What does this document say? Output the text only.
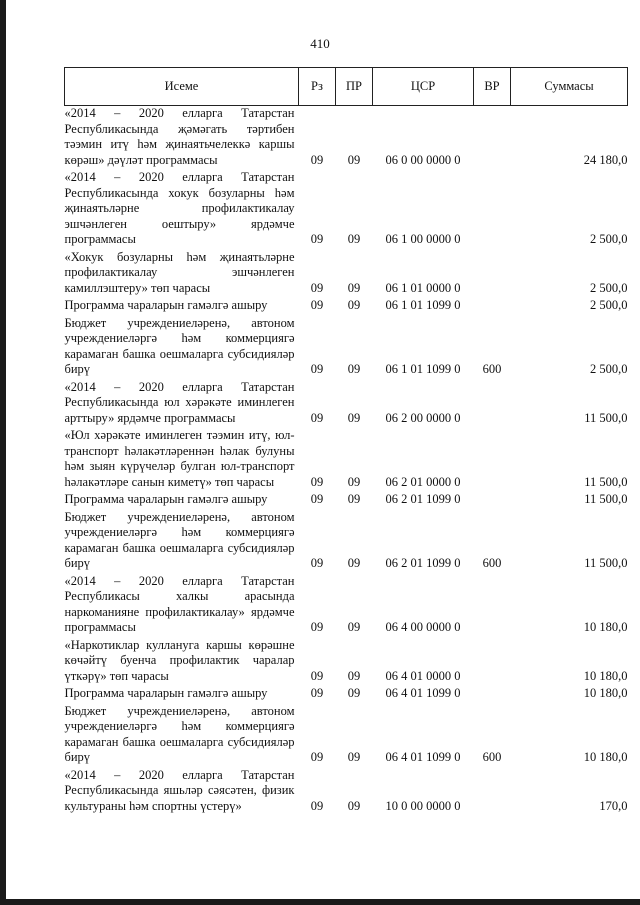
410
Исеме	Рз	ПР	ЦСР	ВР	Суммасы
«2014 – 2020 елларга Татарстан Республикасында җәмәгать тәртибен тәэмин итү һәм җинаятьчелеккә каршы көрәш» дәүләт программасы	09	09	06 0 00 0000 0		24 180,0
«2014 – 2020 елларга Татарстан Республикасында хокук бозуларны һәм җинаятьләрне профилактикалау эшчәнлеген оештыру» ярдәмче программасы	09	09	06 1 00 0000 0		2 500,0
«Хокук бозуларны һәм җинаятьләрне профилактикалау эшчәнлеген камиллэштеру» төп чарасы	09	09	06 1 01 0000 0		2 500,0
Программа чараларын гамәлгә ашыру	09	09	06 1 01 1099 0		2 500,0
Бюджет учреждениеләренә, автоном учреждениеләргә һәм коммерциягә карамаган башка оешмаларга субсидияләр бирү	09	09	06 1 01 1099 0	600	2 500,0
«2014 – 2020 елларга Татарстан Республикасында юл хәрәкәте иминлеген арттыру» ярдәмче программасы	09	09	06 2 00 0000 0		11 500,0
«Юл хәрәкәте иминлеген тәэмин итү, юл-транспорт һәлакәтләреннән һәлак булуны һәм зыян күрүчеләр булган юл-транспорт һәлакәтләре санын киметү» төп чарасы	09	09	06 2 01 0000 0		11 500,0
Программа чараларын гамәлгә ашыру	09	09	06 2 01 1099 0		11 500,0
Бюджет учреждениеләренә, автоном учреждениеләргә һәм коммерциягә карамаган башка оешмаларга субсидияләр бирү	09	09	06 2 01 1099 0	600	11 500,0
«2014 – 2020 елларга Татарстан Республикасы халкы арасында наркоманияне профилактикалау» ярдәмче программасы	09	09	06 4 00 0000 0		10 180,0
«Наркотиклар куллануга каршы көрәшне көчәйтү буенча профилактик чаралар үткәрү» төп чарасы	09	09	06 4 01 0000 0		10 180,0
Программа чараларын гамәлгә ашыру	09	09	06 4 01 1099 0		10 180,0
Бюджет учреждениеләренә, автоном учреждениеләргә һәм коммерциягә карамаган башка оешмаларга субсидияләр бирү	09	09	06 4 01 1099 0	600	10 180,0
«2014 – 2020 елларга Татарстан Республикасында яшьләр сәясәтен, физик культураны һәм спортны үстерү»	09	09	10 0 00 0000 0		170,0
